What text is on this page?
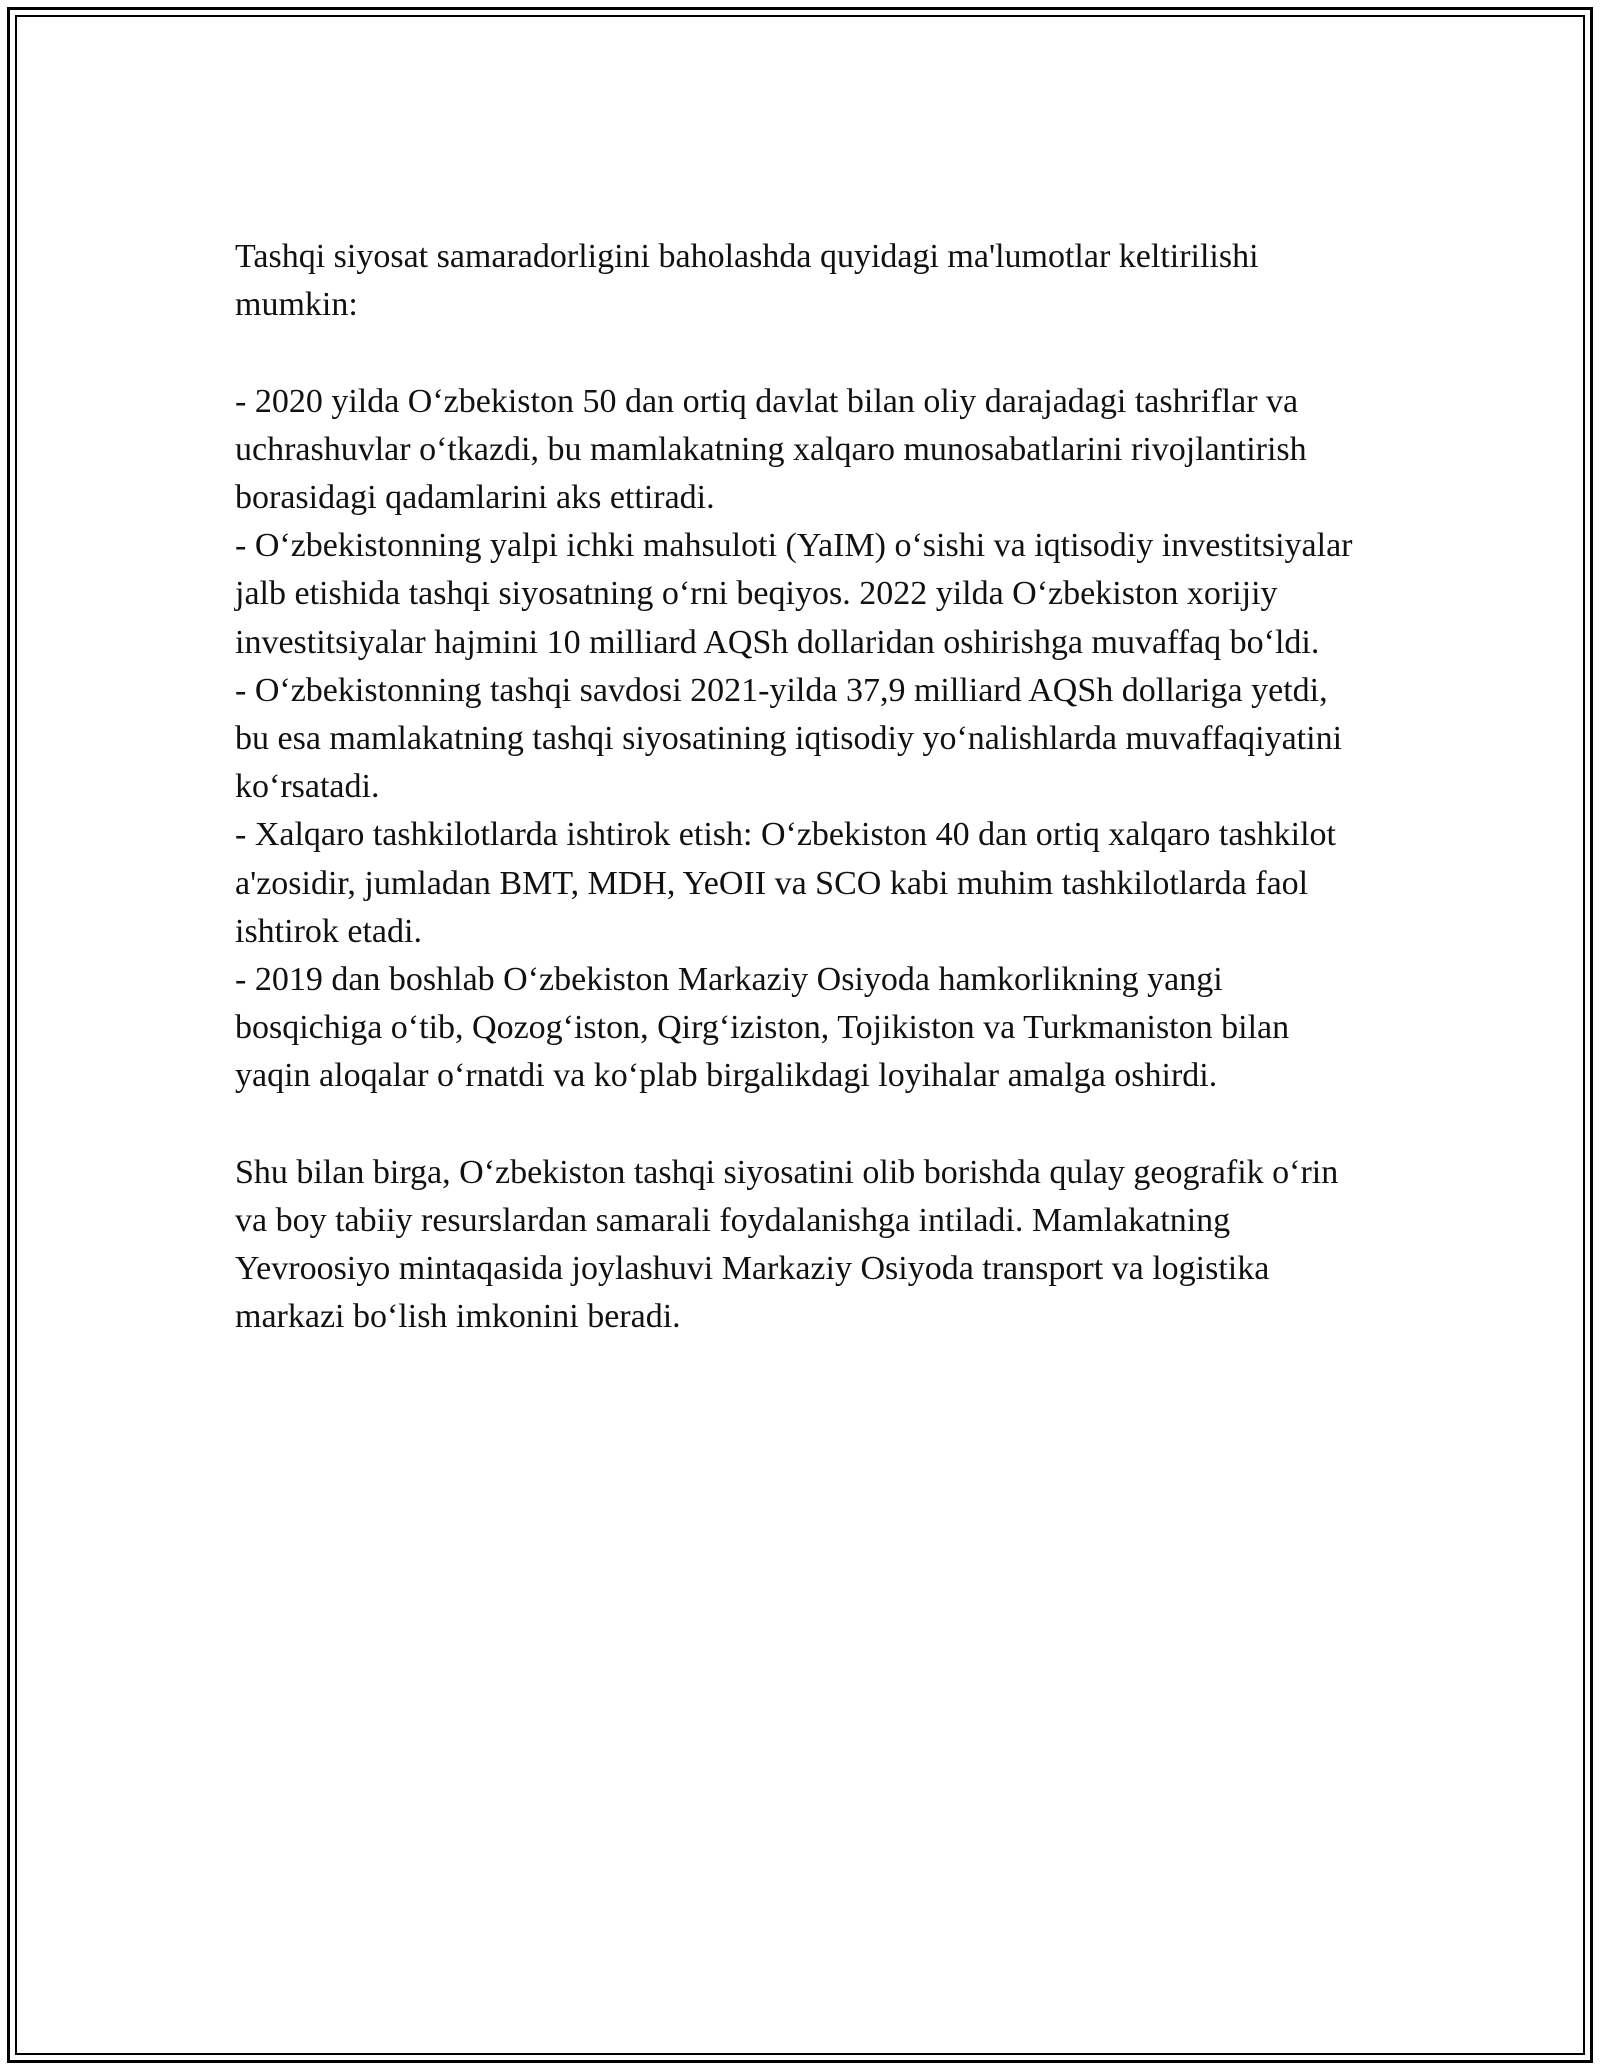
Tashqi siyosat samaradorligini baholashda quyidagi ma'lumotlar keltirilishi mumkin:

- 2020 yilda O‘zbekiston 50 dan ortiq davlat bilan oliy darajadagi tashriflar va uchrashuvlar o‘tkazdi, bu mamlakatning xalqaro munosabatlarini rivojlantirish borasidagi qadamlarini aks ettiradi.

- O‘zbekistonning yalpi ichki mahsuloti (YaIM) o‘sishi va iqtisodiy investitsiyalar jalb etishida tashqi siyosatning o‘rni beqiyos. 2022 yilda O‘zbekiston xorijiy investitsiyalar hajmini 10 milliard AQSh dollaridan oshirishga muvaffaq bo‘ldi.

- O‘zbekistonning tashqi savdosi 2021-yilda 37,9 milliard AQSh dollariga yetdi, bu esa mamlakatning tashqi siyosatining iqtisodiy yo‘nalishlarda muvaffaqiyatini ko‘rsatadi.

- Xalqaro tashkilotlarda ishtirok etish: O‘zbekiston 40 dan ortiq xalqaro tashkilot a'zosidir, jumladan BMT, MDH, YeOII va SCO kabi muhim tashkilotlarda faol ishtirok etadi.

- 2019 dan boshlab O‘zbekiston Markaziy Osiyoda hamkorlikning yangi bosqichiga o‘tib, Qozog‘iston, Qirg‘iziston, Tojikiston va Turkmaniston bilan yaqin aloqalar o‘rnatdi va ko‘plab birgalikdagi loyihalar amalga oshirdi.

Shu bilan birga, O‘zbekiston tashqi siyosatini olib borishda qulay geografik o‘rin va boy tabiiy resurslardan samarali foydalanishga intiladi. Mamlakatning Yevroosiyo mintaqasida joylashuvi Markaziy Osiyoda transport va logistika markazi bo‘lish imkonini beradi.
